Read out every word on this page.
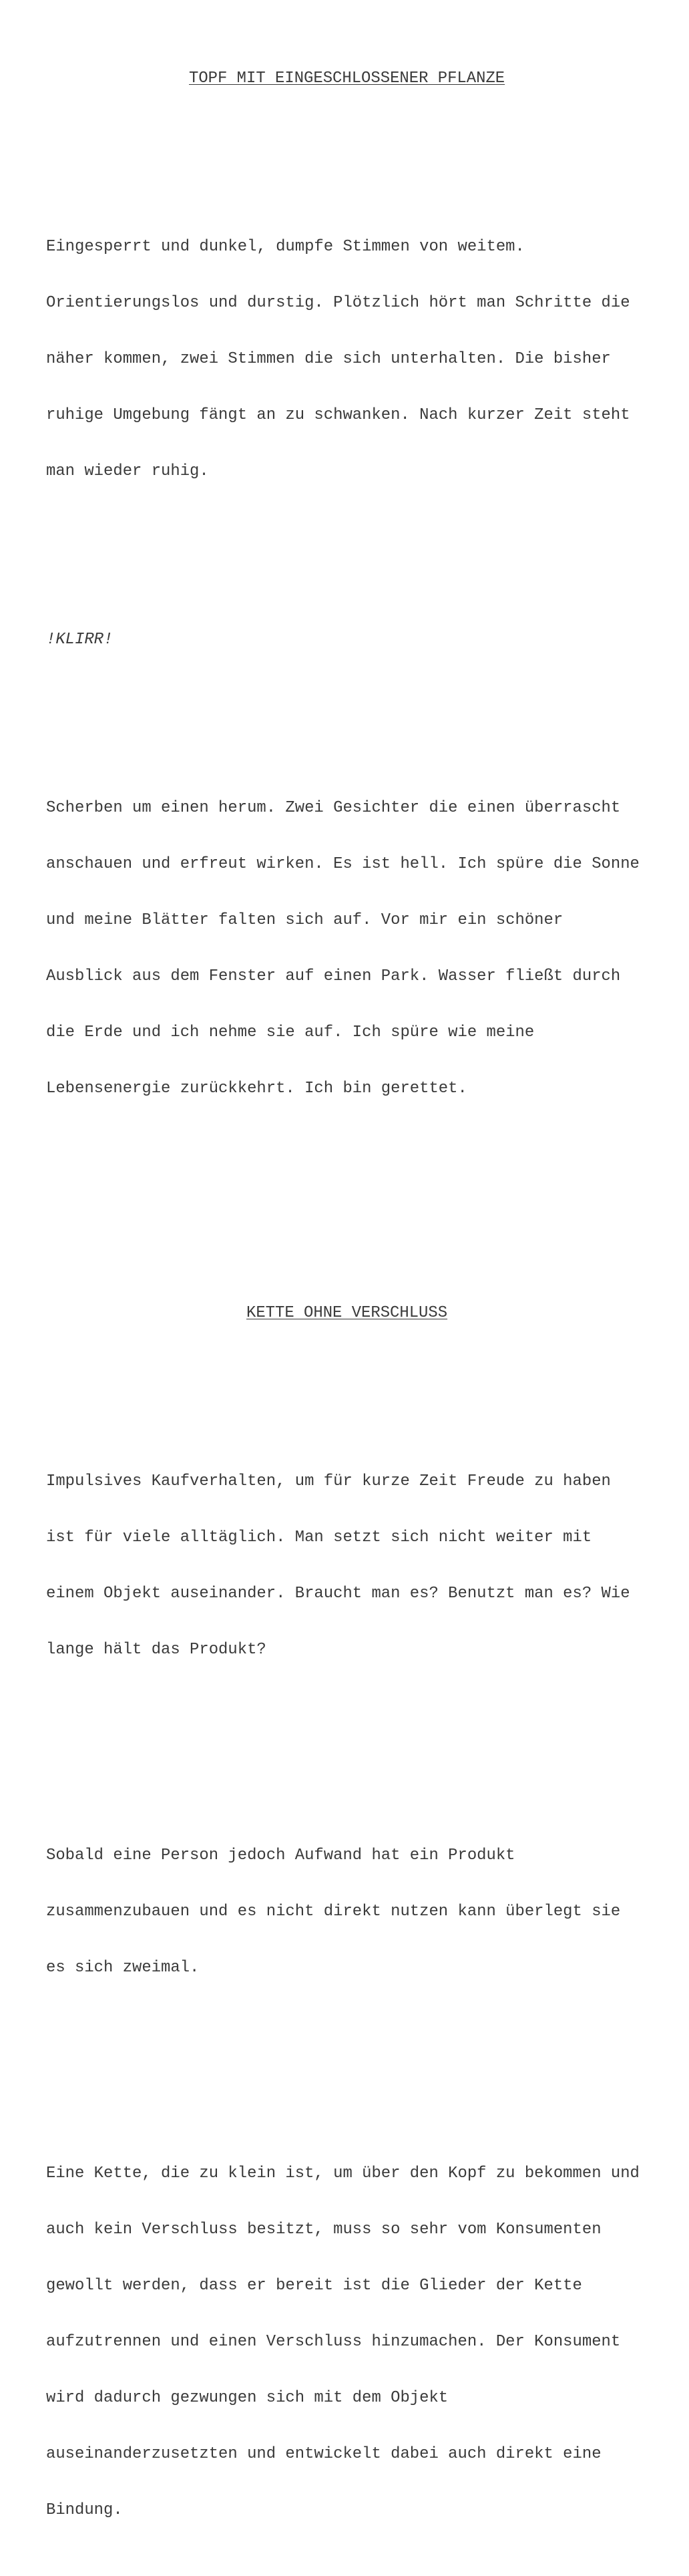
TOPF MIT EINGESCHLOSSENER PFLANZE

Eingesperrt und dunkel, dumpfe Stimmen von weitem.

Orientierungslos und durstig. Plötzlich hört man Schritte die

näher kommen, zwei Stimmen die sich unterhalten. Die bisher

ruhige Umgebung fängt an zu schwanken. Nach kurzer Zeit steht

man wieder ruhig.

!KLIRR!

Scherben um einen herum. Zwei Gesichter die einen überrascht

anschauen und erfreut wirken. Es ist hell. Ich spüre die Sonne

und meine Blätter falten sich auf. Vor mir ein schöner

Ausblick aus dem Fenster auf einen Park. Wasser fließt durch

die Erde und ich nehme sie auf. Ich spüre wie meine

Lebensenergie zurückkehrt. Ich bin gerettet.

KETTE OHNE VERSCHLUSS

Impulsives Kaufverhalten, um für kurze Zeit Freude zu haben

ist für viele alltäglich. Man setzt sich nicht weiter mit

einem Objekt auseinander. Braucht man es? Benutzt man es? Wie

lange hält das Produkt?

Sobald eine Person jedoch Aufwand hat ein Produkt

zusammenzubauen und es nicht direkt nutzen kann überlegt sie

es sich zweimal.

Eine Kette, die zu klein ist, um über den Kopf zu bekommen und

auch kein Verschluss besitzt, muss so sehr vom Konsumenten

gewollt werden, dass er bereit ist die Glieder der Kette

aufzutrennen und einen Verschluss hinzumachen. Der Konsument

wird dadurch gezwungen sich mit dem Objekt

auseinanderzusetzten und entwickelt dabei auch direkt eine

Bindung.
